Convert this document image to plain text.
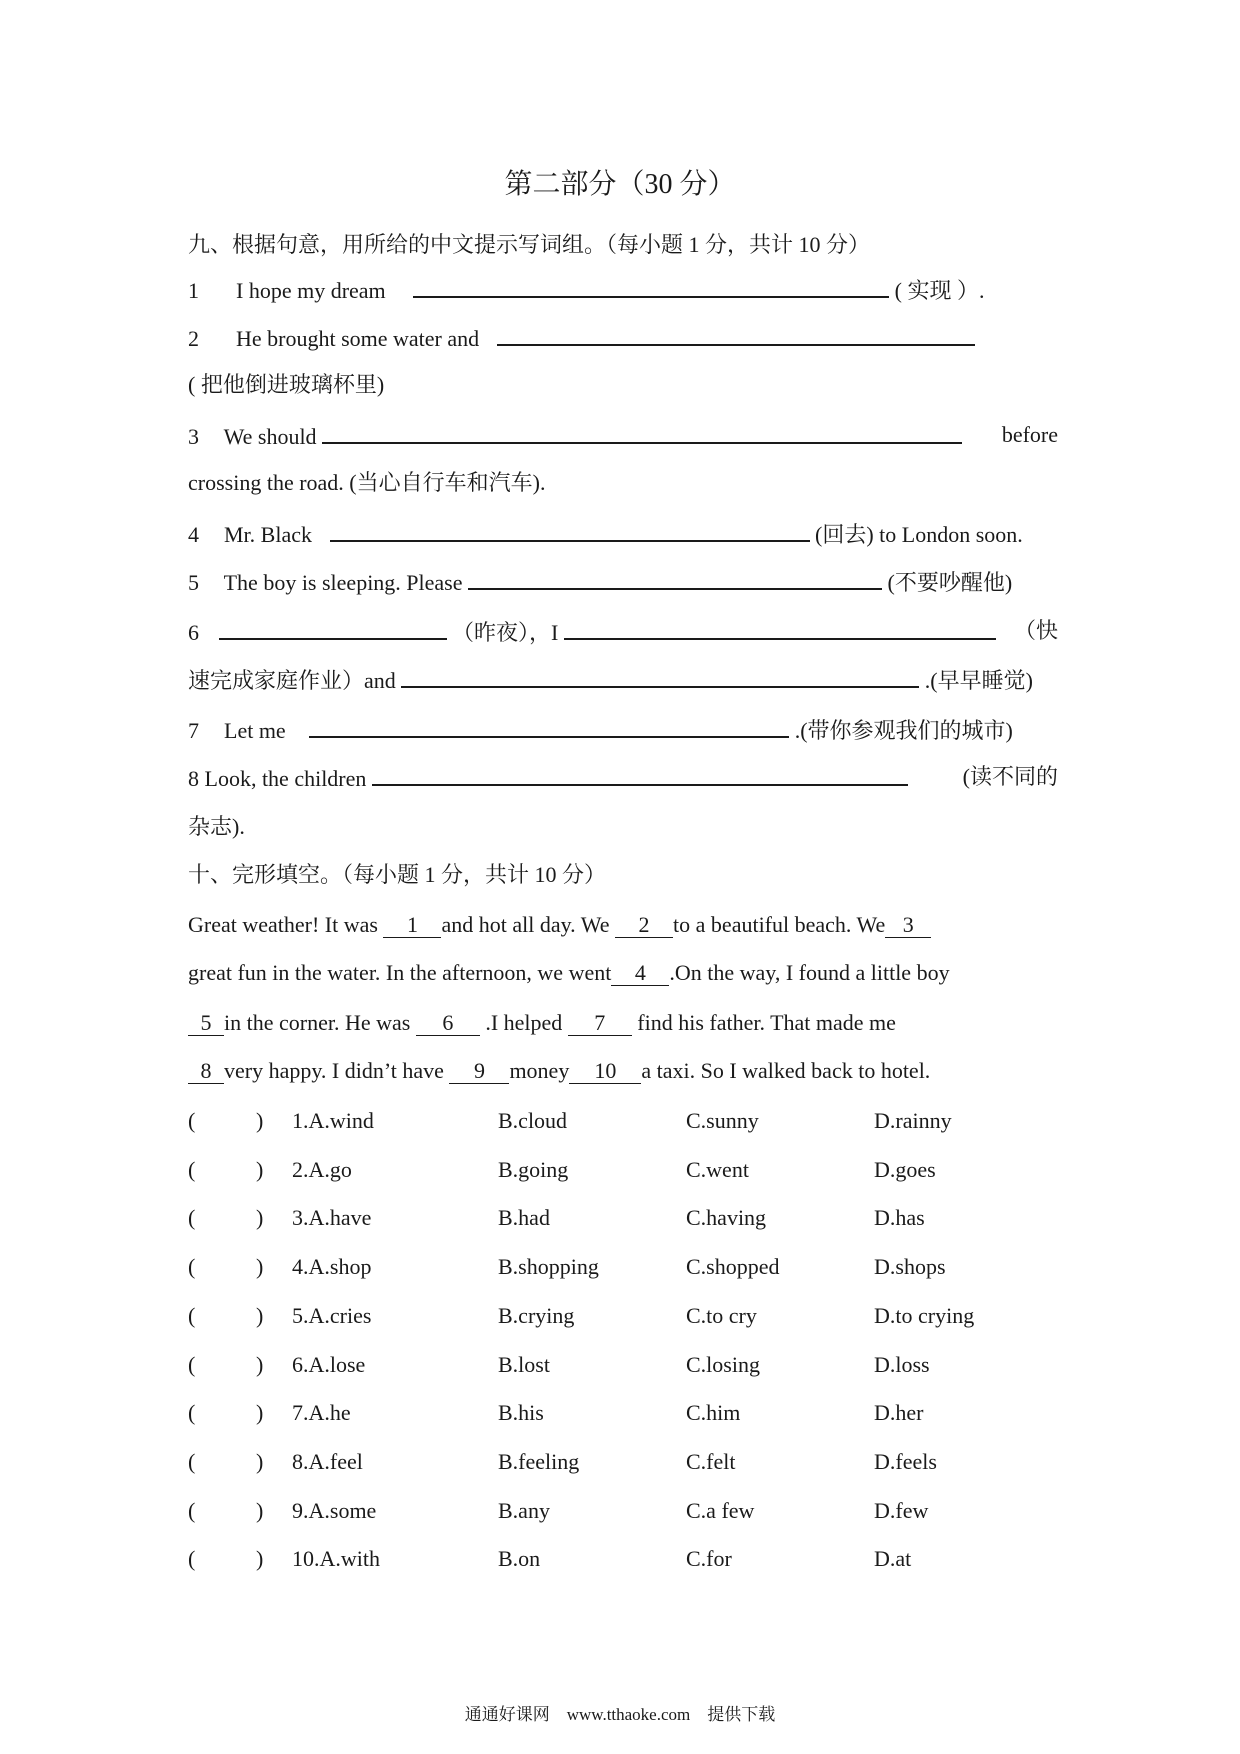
第二部分（30 分）
九、根据句意，用所给的中文提示写词组。（每小题 1 分，共计 10 分）
1 I hope my dream	( 实现 ）.
2 He brought some water and
( 把他倒进玻璃杯里)
3 We should	before
crossing the road. (当心自行车和汽车).
4 Mr. Black	(回去) to London soon.
5 The boy is sleeping. Please	(不要吵醒他)
6	（昨夜），I	（快
速完成家庭作业）and	.(早早睡觉)
7 Let me	.(带你参观我们的城市)
8 Look, the children	(读不同的
杂志).
十、完形填空。（每小题 1 分，共计 10 分）
Great weather! It was 1 and hot all day. We 2 to a beautiful beach. We 3
great fun in the water. In the afternoon, we went 4 .On the way, I found a little boy
5 in the corner. He was 6 .I helped 7 find his father. That made me
8 very happy. I didn’t have 9 money 10 a taxi. So I walked back to hotel.
(	) 1.A.wind	B.cloud	C.sunny	D.rainny
(	) 2.A.go	B.going	C.went	D.goes
(	) 3.A.have	B.had	C.having	D.has
(	) 4.A.shop	B.shopping	C.shopped	D.shops
(	) 5.A.cries	B.crying	C.to cry	D.to crying
(	) 6.A.lose	B.lost	C.losing	D.loss
(	) 7.A.he	B.his	C.him	D.her
(	) 8.A.feel	B.feeling	C.felt	D.feels
(	) 9.A.some	B.any	C.a few	D.few
(	) 10.A.with	B.on	C.for	D.at
通通好课网　www.tthaoke.com　提供下载
